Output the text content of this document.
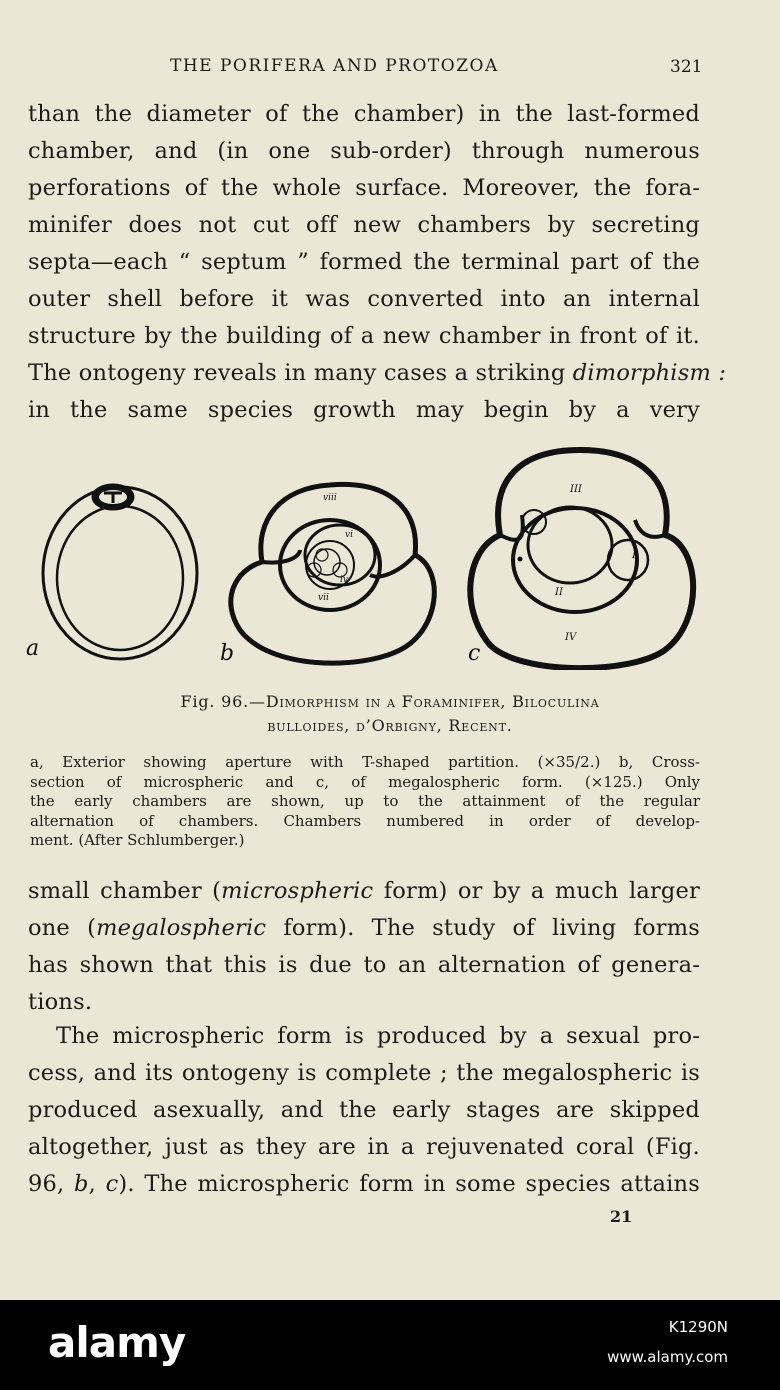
THE PORIFERA AND PROTOZOA	321
than the diameter of the chamber) in the last-formed
chamber, and (in one sub-order) through numerous
perforations of the whole surface. Moreover, the fora-
minifer does not cut off new chambers by secreting
septa—each “ septum ” formed the terminal part of the
outer shell before it was converted into an internal
structure by the building of a new chamber in front of it.
The ontogeny reveals in many cases a striking dimorphism :
in the same species growth may begin by a very
viii
vi
v
iv
vii
III
I
II
IV
a	b	c
Fig. 96.—Dimorphism in a Foraminifer, Biloculina
bulloides, d’Orbigny, Recent.
a, Exterior showing aperture with T-shaped partition. (×35/2.) b, Cross-
section of microspheric and c, of megalospheric form. (×125.) Only
the early chambers are shown, up to the attainment of the regular
alternation of chambers. Chambers numbered in order of develop-
ment. (After Schlumberger.)
small chamber (microspheric form) or by a much larger
one (megalospheric form). The study of living forms
has shown that this is due to an alternation of genera-
tions.
The microspheric form is produced by a sexual pro-
cess, and its ontogeny is complete ; the megalospheric is
produced asexually, and the early stages are skipped
altogether, just as they are in a rejuvenated coral (Fig.
96, b, c). The microspheric form in some species attains
21
alamy	K1290N
www.alamy.com
